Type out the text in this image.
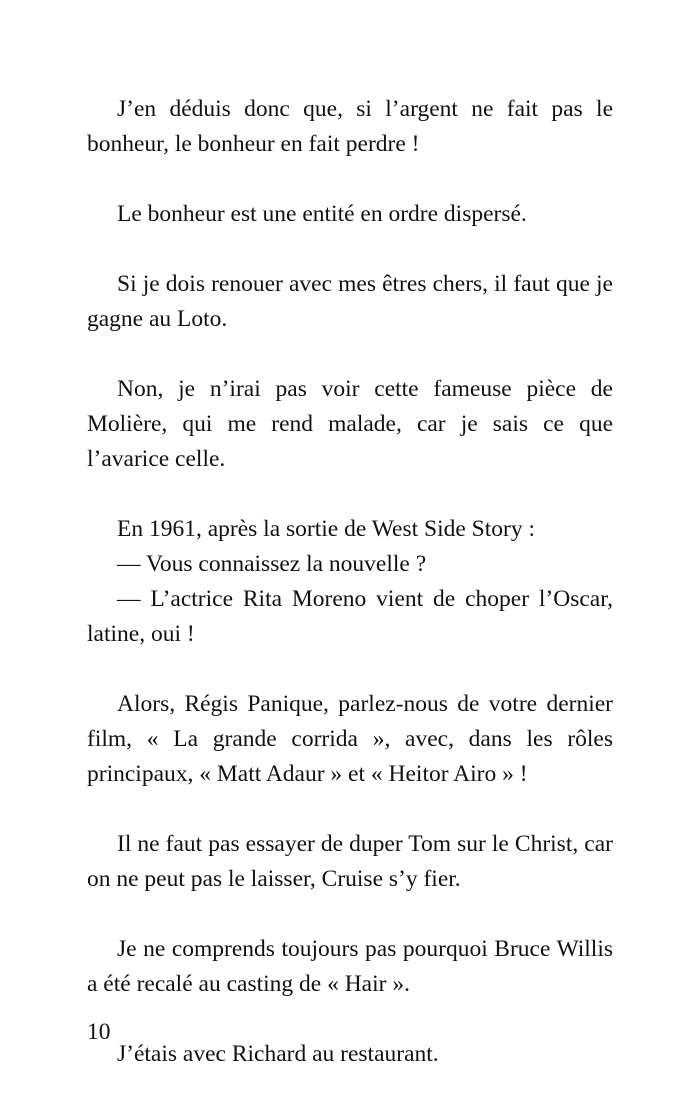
J’en déduis donc que, si l’argent ne fait pas le bonheur, le bonheur en fait perdre !

Le bonheur est une entité en ordre dispersé.

Si je dois renouer avec mes êtres chers, il faut que je gagne au Loto.

Non, je n’irai pas voir cette fameuse pièce de Molière, qui me rend malade, car je sais ce que l’avarice celle.

En 1961, après la sortie de West Side Story :
— Vous connaissez la nouvelle ?
— L’actrice Rita Moreno vient de choper l’Oscar,
latine, oui !

Alors, Régis Panique, parlez-nous de votre dernier film, « La grande corrida », avec, dans les rôles principaux, « Matt Adaur » et « Heitor Airo » !

Il ne faut pas essayer de duper Tom sur le Christ, car on ne peut pas le laisser, Cruise s’y fier.

Je ne comprends toujours pas pourquoi Bruce Willis a été recalé au casting de « Hair ».

J’étais avec Richard au restaurant.

10
